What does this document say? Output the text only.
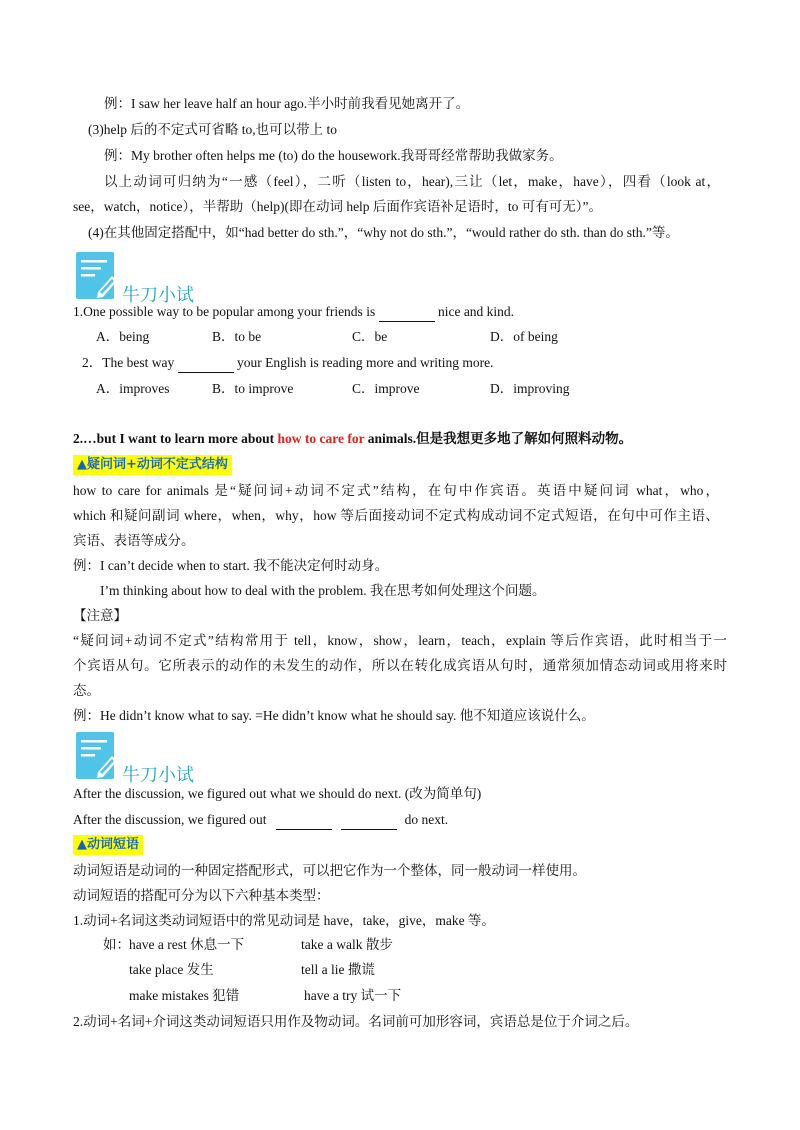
例：I saw her leave half an hour ago.半小时前我看见她离开了。
(3)help 后的不定式可省略 to,也可以带上 to
例：My brother often helps me (to) do the housework.我哥哥经常帮助我做家务。
以上动词可归纳为“一感（feel），二听（listen to，hear),三让（let，make，have），四看（look at，
see，watch，notice），半帮助（help)(即在动词 help 后面作宾语补足语时，to 可有可无）”。
(4)在其他固定搭配中，如“had better do sth.”，“why not do sth.”，“would rather do sth. than do sth.”等。
牛刀小试
1.One possible way to be popular among your friends is	nice and kind.
A．being	B．to be	C．be	D．of being
2．The best way	your English is reading more and writing more.
A．improves	B．to improve	C．improve	D．improving
2.…but I want to learn more about how to care for animals.但是我想更多地了解如何照料动物。
▲疑问词+动词不定式结构
how to care for animals 是“疑问词+动词不定式”结构，在句中作宾语。英语中疑问词 what，who，
which 和疑问副词 where，when，why，how 等后面接动词不定式构成动词不定式短语，在句中可作主语、
宾语、表语等成分。
例：I can’t decide when to start. 我不能决定何时动身。
I’m thinking about how to deal with the problem. 我在思考如何处理这个问题。
【注意】
“疑问词+动词不定式”结构常用于 tell，know，show，learn，teach，explain 等后作宾语，此时相当于一
个宾语从句。它所表示的动作的未发生的动作，所以在转化成宾语从句时，通常须加情态动词或用将来时
态。
例：He didn’t know what to say. =He didn’t know what he should say. 他不知道应该说什么。
牛刀小试
After the discussion, we figured out what we should do next. (改为简单句)
After the discussion, we figured out	do next.
▲动词短语
动词短语是动词的一种固定搭配形式，可以把它作为一个整体，同一般动词一样使用。
动词短语的搭配可分为以下六种基本类型：
1.动词+名词这类动词短语中的常见动词是 have，take，give，make 等。
如： have a rest 休息一下	take a walk 散步
take place 发生	tell a lie 撒谎
make mistakes 犯错	have a try 试一下
2.动词+名词+介词这类动词短语只用作及物动词。名词前可加形容词，宾语总是位于介词之后。
